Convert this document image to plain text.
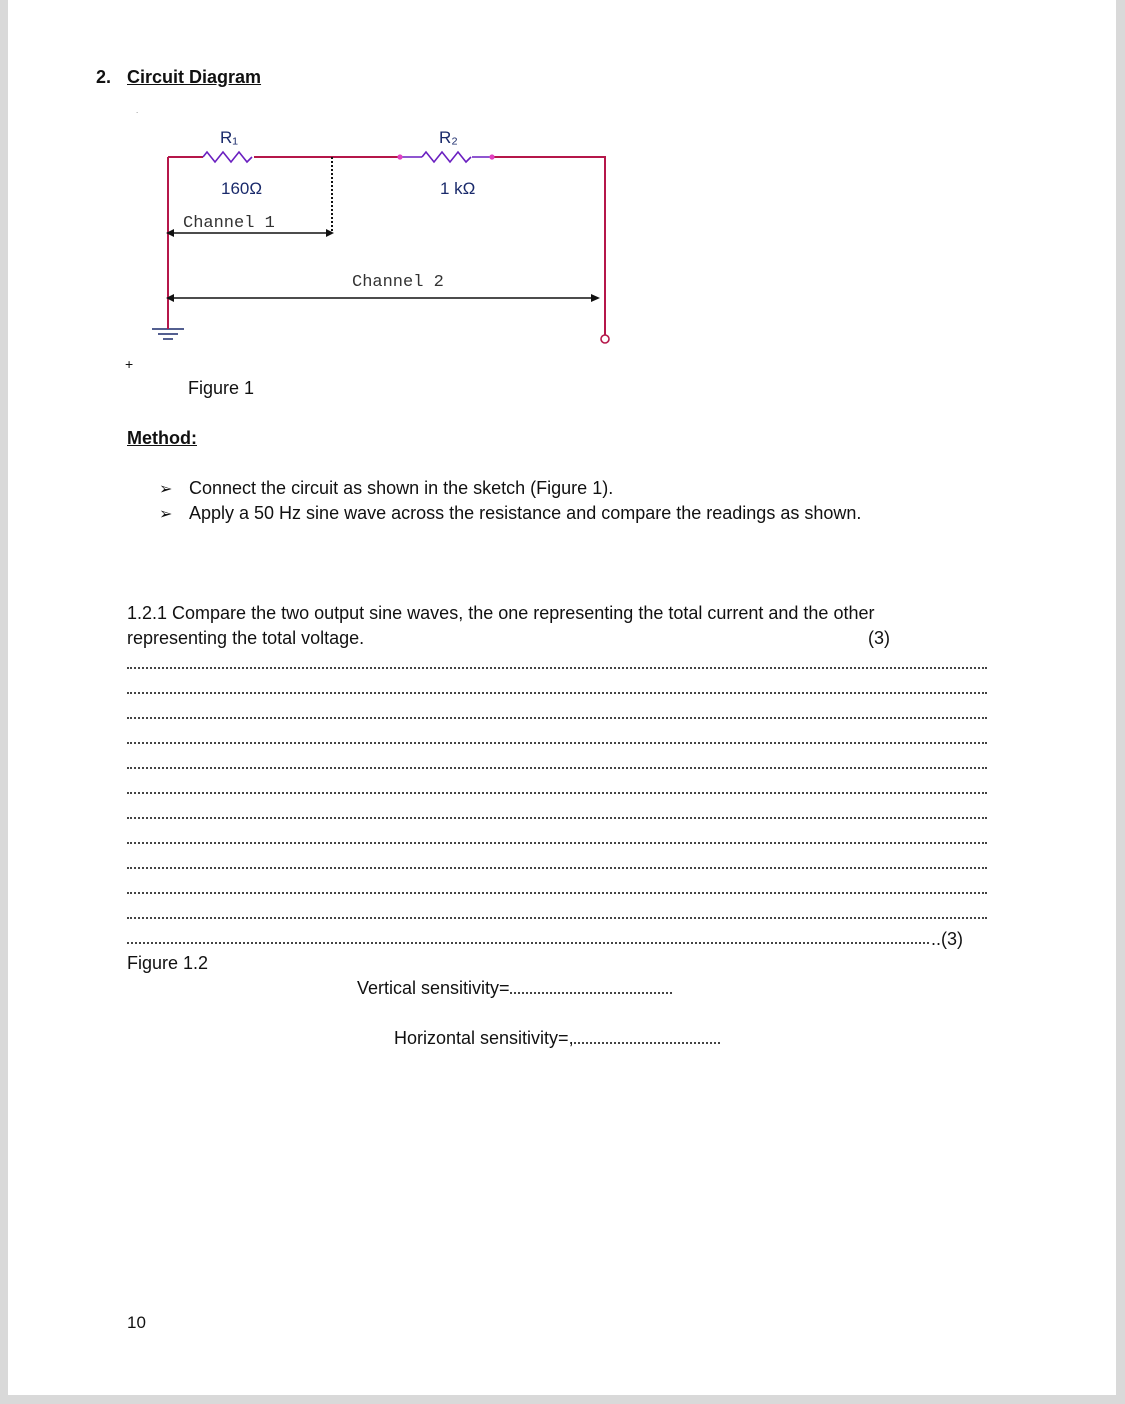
2. Circuit Diagram
.
R₁	R₂
160Ω	1 kΩ
Channel 1
Channel 2
+
Figure 1
Method:
➢ Connect the circuit as shown in the sketch (Figure 1).
➢ Apply a 50 Hz sine wave across the resistance and compare the readings as shown.
1.2.1 Compare the two output sine waves, the one representing the total current and the other
representing the total voltage.	(3)
..(3)
Figure 1.2
Vertical sensitivity=
Horizontal sensitivity=,
10
